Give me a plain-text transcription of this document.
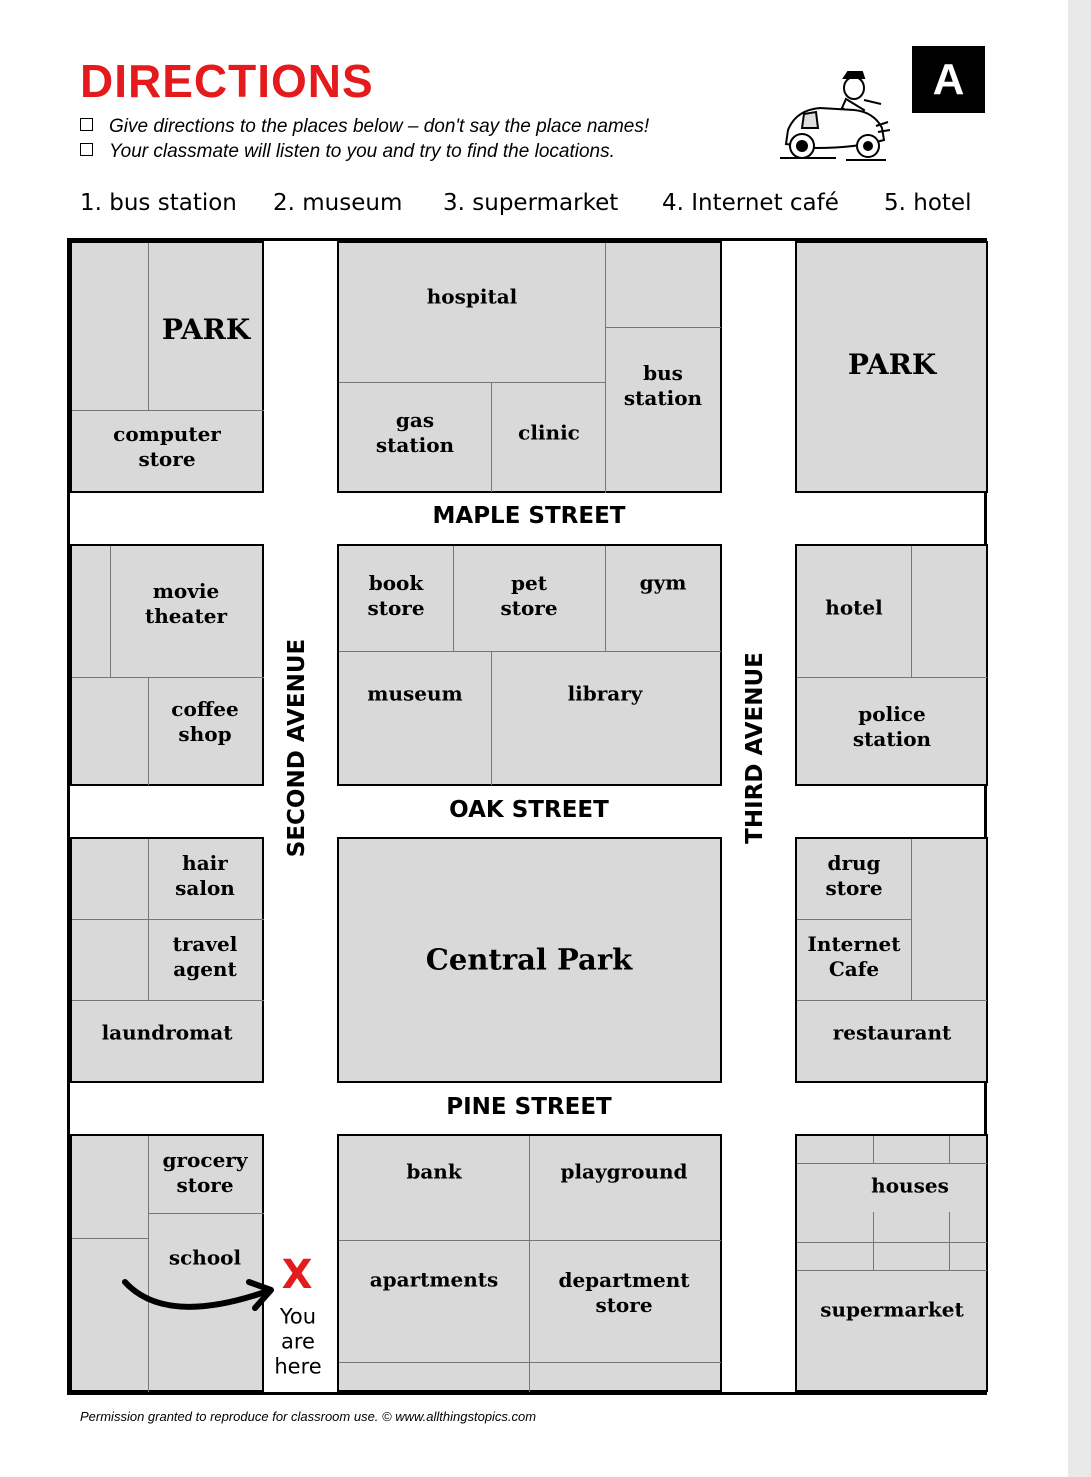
DIRECTIONS	A
Give directions to the places below – don't say the place names!
Your classmate will listen to you and try to find the locations.
1. bus station 2. museum 3. supermarket 4. Internet café 5. hotel
PARK
computer
store
hospital
bus
station
gas
station
clinic
PARK
movie
theater
coffee
shop
book
store
pet
store
gym
museum	library
hotel
police
station
hair
salon
travel
agent
laundromat
Central Park
drug
store
Internet
Cafe
restaurant
grocery
store
school
bank	playground
apartments	department
store
houses
supermarket
MAPLE STREET
OAK STREET
PINE STREET
SECOND AVENUE	THIRD AVENUE
X
You
are
here
Permission granted to reproduce for classroom use. © www.allthingstopics.com
